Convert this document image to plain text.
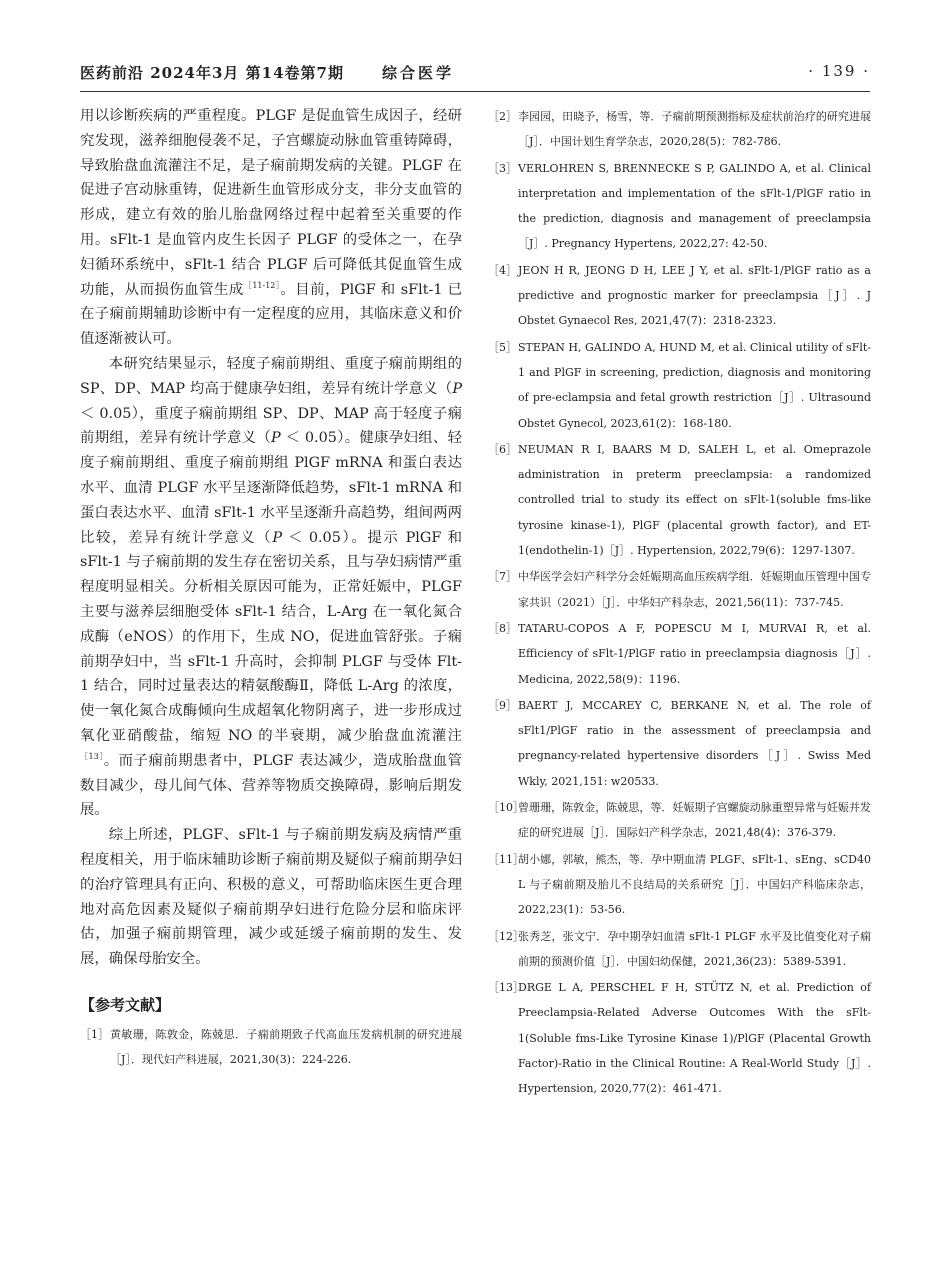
医药前沿 2024年3月 第14卷第7期	综合医学	· 139 ·

用以诊断疾病的严重程度。PLGF 是促血管生成因子，经研究发现，滋养细胞侵袭不足，子宫螺旋动脉血管重铸障碍，导致胎盘血流灌注不足，是子痫前期发病的关键。PLGF 在促进子宫动脉重铸，促进新生血管形成分支，非分支血管的形成，建立有效的胎儿胎盘网络过程中起着至关重要的作用。sFlt-1 是血管内皮生长因子 PLGF 的受体之一，在孕妇循环系统中，sFlt-1 结合 PLGF 后可降低其促血管生成功能，从而损伤血管生成$^{[11-12]}$。目前，PlGF 和 sFlt-1 已在子痫前期辅助诊断中有一定程度的应用，其临床意义和价值逐渐被认可。

本研究结果显示，轻度子痫前期组、重度子痫前期组的 SP、DP、MAP 均高于健康孕妇组，差异有统计学意义（P ＜ 0.05），重度子痫前期组 SP、DP、MAP 高于轻度子痫前期组，差异有统计学意义（P ＜ 0.05）。健康孕妇组、轻度子痫前期组、重度子痫前期组 PlGF mRNA 和蛋白表达水平、血清 PLGF 水平呈逐渐降低趋势，sFlt-1 mRNA 和蛋白表达水平、血清 sFlt-1 水平呈逐渐升高趋势，组间两两比较，差异有统计学意义（P ＜ 0.05）。提示 PlGF 和 sFlt-1 与子痫前期的发生存在密切关系，且与孕妇病情严重程度明显相关。分析相关原因可能为，正常妊娠中，PLGF 主要与滋养层细胞受体 sFlt-1 结合，L-Arg 在一氧化氮合成酶（eNOS）的作用下，生成 NO，促进血管舒张。子痫前期孕妇中，当 sFlt-1 升高时，会抑制 PLGF 与受体 Flt-1 结合，同时过量表达的精氨酸酶Ⅱ，降低 L-Arg 的浓度，使一氧化氮合成酶倾向生成超氧化物阴离子，进一步形成过氧化亚硝酸盐，缩短 NO 的半衰期，减少胎盘血流灌注$^{[13]}$。而子痫前期患者中，PLGF 表达减少，造成胎盘血管数目减少，母儿间气体、营养等物质交换障碍，影响后期发展。

综上所述，PLGF、sFlt-1 与子痫前期发病及病情严重程度相关，用于临床辅助诊断子痫前期及疑似子痫前期孕妇的治疗管理具有正向、积极的意义，可帮助临床医生更合理地对高危因素及疑似子痫前期孕妇进行危险分层和临床评估，加强子痫前期管理，减少或延缓子痫前期的发生、发展，确保母胎安全。

【参考文献】
［1］ 黄敏珊，陈敦金，陈兢思．子痫前期致子代高血压发病机制的研究进展［J］．现代妇产科进展，2021,30(3)：224-226.
［2］ 李园园，田晓予，杨雪，等．子痫前期预测指标及症状前治疗的研究进展［J］．中国计划生育学杂志，2020,28(5)：782-786.
［3］ VERLOHREN S, BRENNECKE S P, GALINDO A, et al. Clinical interpretation and implementation of the sFlt-1/PlGF ratio in the prediction, diagnosis and management of preeclampsia［J］. Pregnancy Hypertens, 2022,27: 42-50.
［4］ JEON H R, JEONG D H, LEE J Y, et al. sFlt-1/PlGF ratio as a predictive and prognostic marker for preeclampsia［J］. J Obstet Gynaecol Res, 2021,47(7)：2318-2323.
［5］ STEPAN H, GALINDO A, HUND M, et al. Clinical utility of sFlt-1 and PlGF in screening, prediction, diagnosis and monitoring of pre-eclampsia and fetal growth restriction［J］. Ultrasound Obstet Gynecol, 2023,61(2)：168-180.
［6］ NEUMAN R I, BAARS M D, SALEH L, et al. Omeprazole administration in preterm preeclampsia: a randomized controlled trial to study its effect on sFlt-1(soluble fms-like tyrosine kinase-1), PlGF (placental growth factor), and ET-1(endothelin-1)［J］. Hypertension, 2022,79(6)：1297-1307.
［7］ 中华医学会妇产科学分会妊娠期高血压疾病学组．妊娠期血压管理中国专家共识（2021）［J］．中华妇产科杂志，2021,56(11)：737-745.
［8］ TATARU-COPOS A F, POPESCU M I, MURVAI R, et al. Efficiency of sFlt-1/PlGF ratio in preeclampsia diagnosis［J］. Medicina, 2022,58(9)：1196.
［9］ BAERT J, MCCAREY C, BERKANE N, et al. The role of sFlt1/PlGF ratio in the assessment of preeclampsia and pregnancy-related hypertensive disorders［J］. Swiss Med Wkly, 2021,151: w20533.
［10］
曾珊珊，陈敦金，陈兢思，等．妊娠期子宫螺旋动脉重塑异常与妊娠并发症的研究进展［J］．国际妇产科学杂志，2021,48(4)：376-379.
［11］
胡小娜，郭敏，熊杰，等．孕中期血清 PLGF、sFlt-1、sEng、sCD40 L 与子痫前期及胎儿不良结局的关系研究［J］．中国妇产科临床杂志，2022,23(1)：53-56.
［12］
张秀芝，张文宁．孕中期孕妇血清 sFlt-1 PLGF 水平及比值变化对子痫前期的预测价值［J］．中国妇幼保健，2021,36(23)：5389-5391.
［13］
DRGE L A, PERSCHEL F H, STÜTZ N, et al. Prediction of Preeclampsia-Related Adverse Outcomes With the sFlt-1(Soluble fms-Like Tyrosine Kinase 1)/PlGF (Placental Growth Factor)-Ratio in the Clinical Routine: A Real-World Study［J］. Hypertension, 2020,77(2)：461-471.
